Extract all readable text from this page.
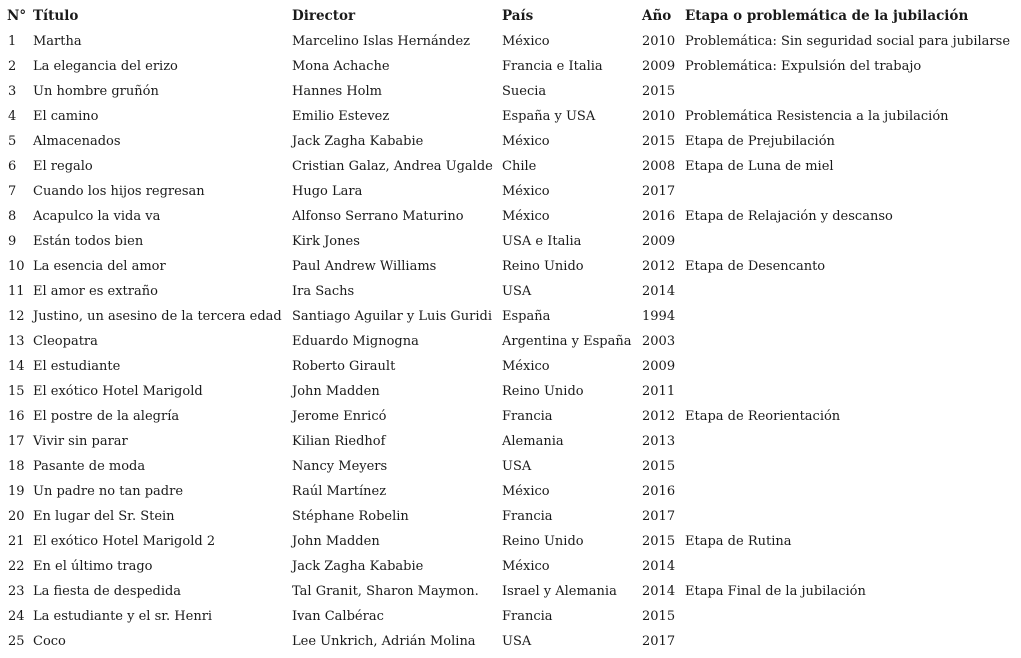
N°	Título	Director	País	Año	Etapa o problemática de la jubilación
1	Martha	Marcelino Islas Hernández	México	2010	Problemática: Sin seguridad social para jubilarse
2	La elegancia del erizo	Mona Achache	Francia e Italia	2009	Problemática: Expulsión del trabajo
3	Un hombre gruñón	Hannes Holm	Suecia	2015	
4	El camino	Emilio Estevez	España y USA	2010	Problemática Resistencia a la jubilación
5	Almacenados	Jack Zagha Kababie	México	2015	Etapa de Prejubilación
6	El regalo	Cristian Galaz, Andrea Ugalde	Chile	2008	Etapa de Luna de miel
7	Cuando los hijos regresan	Hugo Lara	México	2017	
8	Acapulco la vida va	Alfonso Serrano Maturino	México	2016	Etapa de Relajación y descanso
9	Están todos bien	Kirk Jones	USA e Italia	2009	
10	La esencia del amor	Paul Andrew Williams	Reino Unido	2012	Etapa de Desencanto
11	El amor es extraño	Ira Sachs	USA	2014	
12	Justino, un asesino de la tercera edad	Santiago Aguilar y Luis Guridi	España	1994	
13	Cleopatra	Eduardo Mignogna	Argentina y España	2003	
14	El estudiante	Roberto Girault	México	2009	
15	El exótico Hotel Marigold	John Madden	Reino Unido	2011	
16	El postre de la alegría	Jerome Enricó	Francia	2012	Etapa de Reorientación
17	Vivir sin parar	Kilian Riedhof	Alemania	2013	
18	Pasante de moda	Nancy Meyers	USA	2015	
19	Un padre no tan padre	Raúl Martínez	México	2016	
20	En lugar del Sr. Stein	Stéphane Robelin	Francia	2017	
21	El exótico Hotel Marigold 2	John Madden	Reino Unido	2015	Etapa de Rutina
22	En el último trago	Jack Zagha Kababie	México	2014	
23	La fiesta de despedida	Tal Granit, Sharon Maymon.	Israel y Alemania	2014	Etapa Final de la jubilación
24	La estudiante y el sr. Henri	Ivan Calbérac	Francia	2015	
25	Coco	Lee Unkrich, Adrián Molina	USA	2017	
